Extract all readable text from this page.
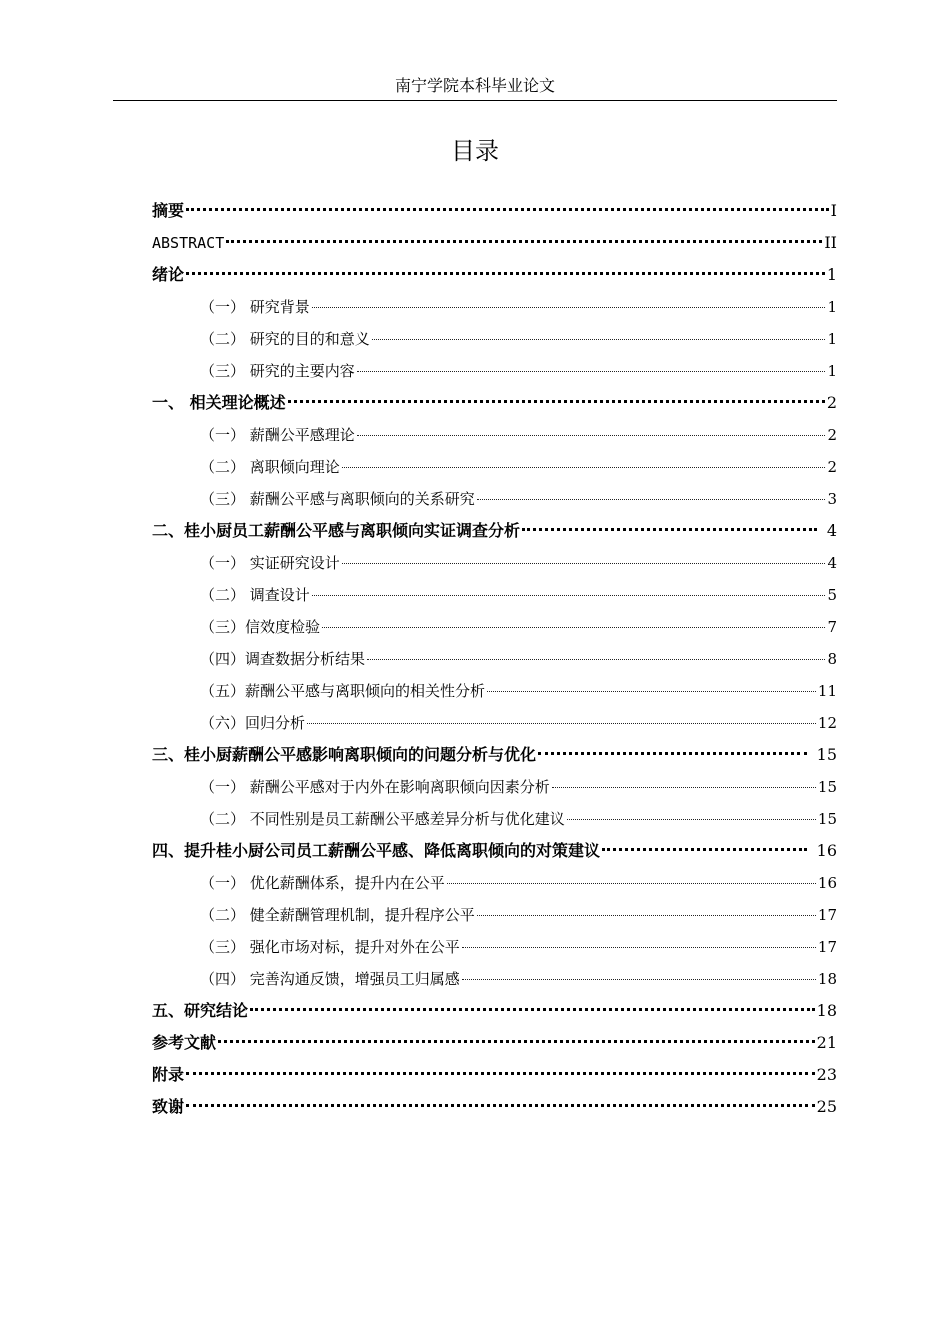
南宁学院本科毕业论文
目录
摘要	I
ABSTRACT	II
绪论	1
（一） 研究背景	1
（二） 研究的目的和意义	1
（三） 研究的主要内容	1
一、 相关理论概述	2
（一） 薪酬公平感理论	2
（二） 离职倾向理论	2
（三） 薪酬公平感与离职倾向的关系研究	3
二、桂小厨员工薪酬公平感与离职倾向实证调查分析	4
（一） 实证研究设计	4
（二） 调查设计	5
（三）信效度检验	7
（四）调查数据分析结果	8
（五）薪酬公平感与离职倾向的相关性分析	11
（六）回归分析	12
三、桂小厨薪酬公平感影响离职倾向的问题分析与优化	15
（一） 薪酬公平感对于内外在影响离职倾向因素分析	15
（二） 不同性别是员工薪酬公平感差异分析与优化建议	15
四、提升桂小厨公司员工薪酬公平感、降低离职倾向的对策建议	16
（一） 优化薪酬体系，提升内在公平	16
（二） 健全薪酬管理机制，提升程序公平	17
（三） 强化市场对标，提升对外在公平	17
（四） 完善沟通反馈，增强员工归属感	18
五、研究结论	18
参考文献	21
附录	23
致谢	25
